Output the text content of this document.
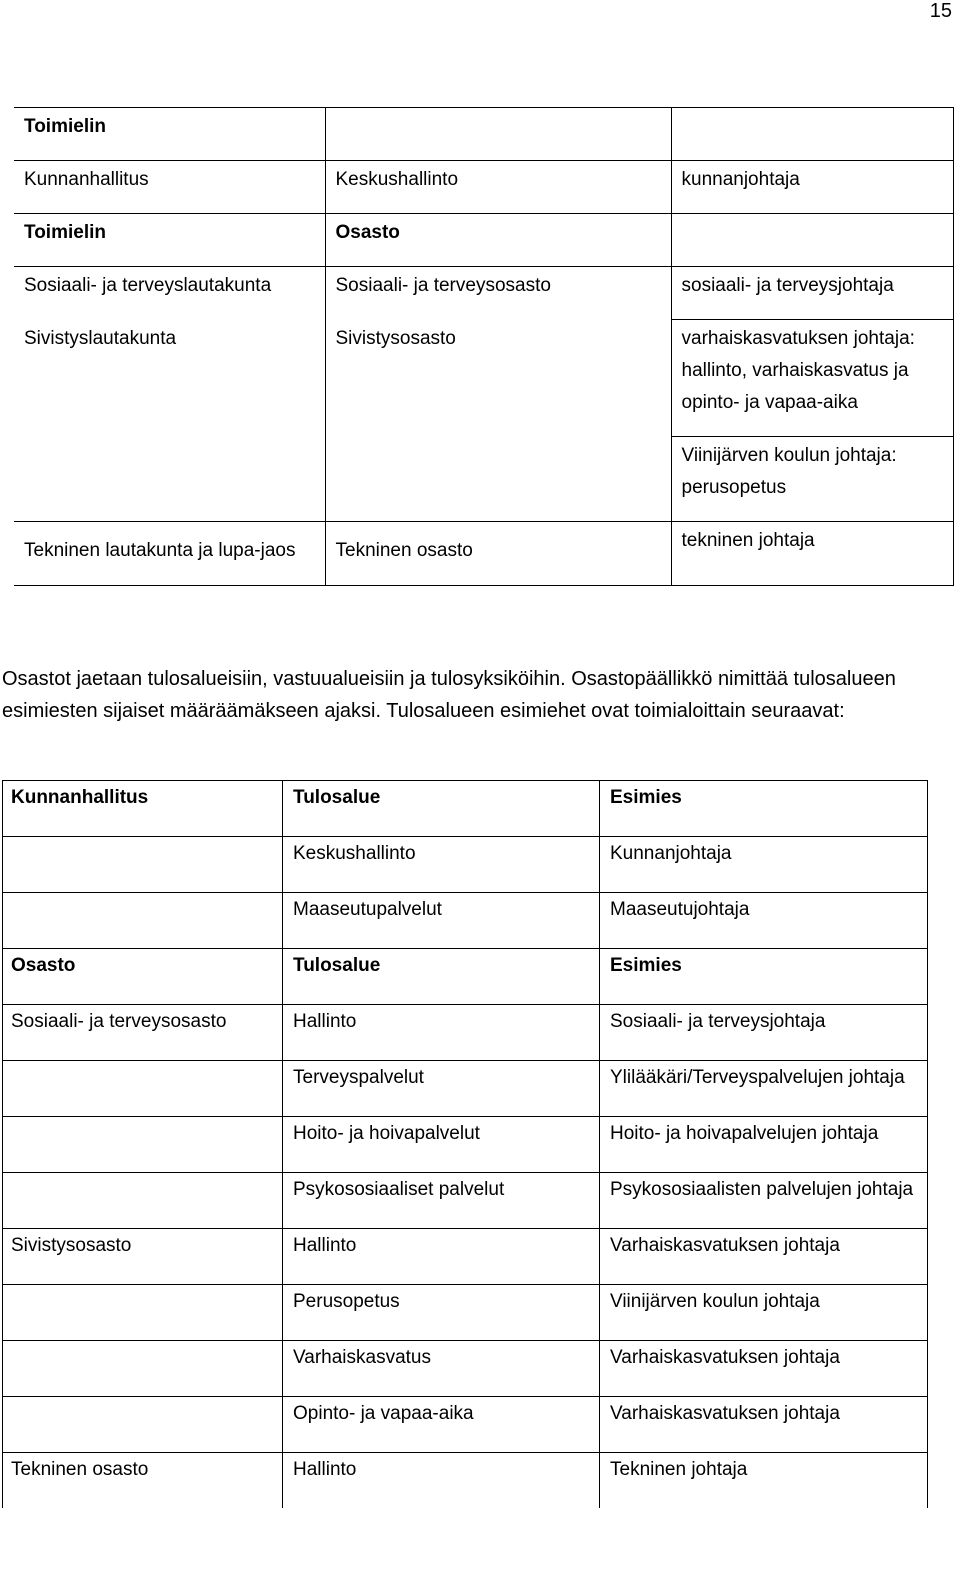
15
Toimielin		
Kunnanhallitus	Keskushallinto	kunnanjohtaja
Toimielin	Osasto	
Sosiaali- ja terveyslautakunta	Sosiaali- ja terveysosasto	sosiaali- ja terveysjohtaja
Sivistyslautakunta	Sivistysosasto	varhaiskasvatuksen johtaja: hallinto, varhaiskasvatus ja opinto- ja vapaa-aika
		Viinijärven koulun johtaja: perusopetus
Tekninen lautakunta ja lupa-jaos	Tekninen osasto	tekninen johtaja
Osastot jaetaan tulosalueisiin, vastuualueisiin ja tulosyksiköihin. Osastopäällikkö nimittää tulosalueen esimiesten sijaiset määräämäkseen ajaksi. Tulosalueen esimiehet ovat toimialoittain seuraavat:
Kunnanhallitus	Tulosalue	Esimies
	Keskushallinto	Kunnanjohtaja
	Maaseutupalvelut	Maaseutujohtaja
Osasto	Tulosalue	Esimies
Sosiaali- ja terveysosasto	Hallinto	Sosiaali- ja terveysjohtaja
	Terveyspalvelut	Ylilääkäri/Terveyspalvelujen johtaja
	Hoito- ja hoivapalvelut	Hoito- ja hoivapalvelujen johtaja
	Psykososiaaliset palvelut	Psykososiaalisten palvelujen johtaja
Sivistysosasto	Hallinto	Varhaiskasvatuksen johtaja
	Perusopetus	Viinijärven koulun johtaja
	Varhaiskasvatus	Varhaiskasvatuksen johtaja
	Opinto- ja vapaa-aika	Varhaiskasvatuksen johtaja
Tekninen osasto	Hallinto	Tekninen johtaja
